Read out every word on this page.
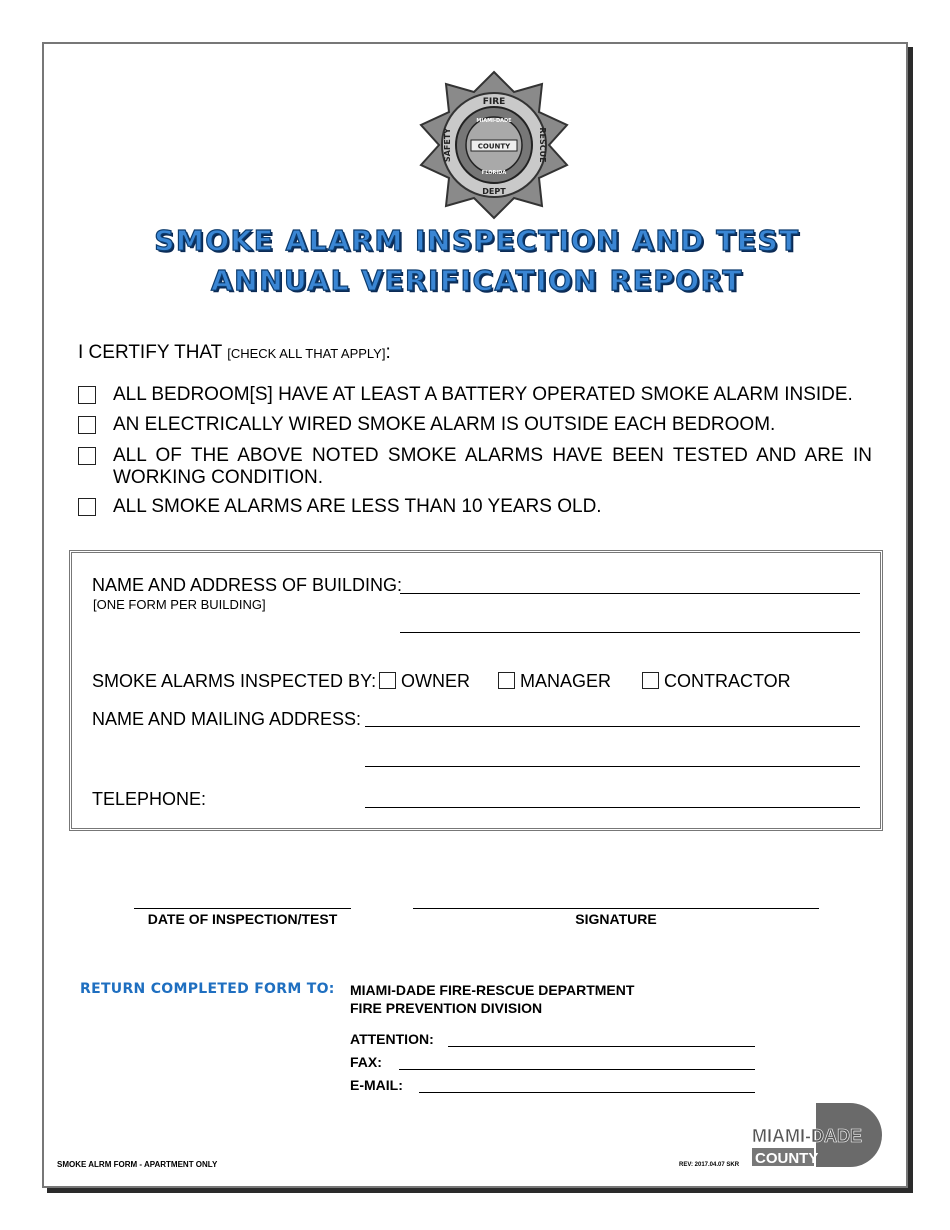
FIRE
DEPT
SAFETY	RESCUE
MIAMI-DADE
COUNTY
FLORIDA
SMOKE ALARM INSPECTION AND TEST
ANNUAL VERIFICATION REPORT
I CERTIFY THAT [CHECK ALL THAT APPLY]:
ALL BEDROOM[S] HAVE AT LEAST A BATTERY OPERATED SMOKE ALARM INSIDE.
AN ELECTRICALLY WIRED SMOKE ALARM IS OUTSIDE EACH BEDROOM.
ALL OF THE ABOVE NOTED SMOKE ALARMS HAVE BEEN TESTED AND ARE IN WORKING CONDITION.
ALL SMOKE ALARMS ARE LESS THAN 10 YEARS OLD.
NAME AND ADDRESS OF BUILDING:
[ONE FORM PER BUILDING]
SMOKE ALARMS INSPECTED BY:	OWNER	MANAGER	CONTRACTOR
NAME AND MAILING ADDRESS:
TELEPHONE:
DATE OF INSPECTION/TEST	SIGNATURE
RETURN COMPLETED FORM TO: MIAMI-DADE FIRE-RESCUE DEPARTMENT
FIRE PREVENTION DIVISION
ATTENTION:
FAX:
E-MAIL:
SMOKE ALRM FORM - APARTMENT ONLY	REV: 2017.04.07 SKR
MIAMI-DADE
COUNTY
